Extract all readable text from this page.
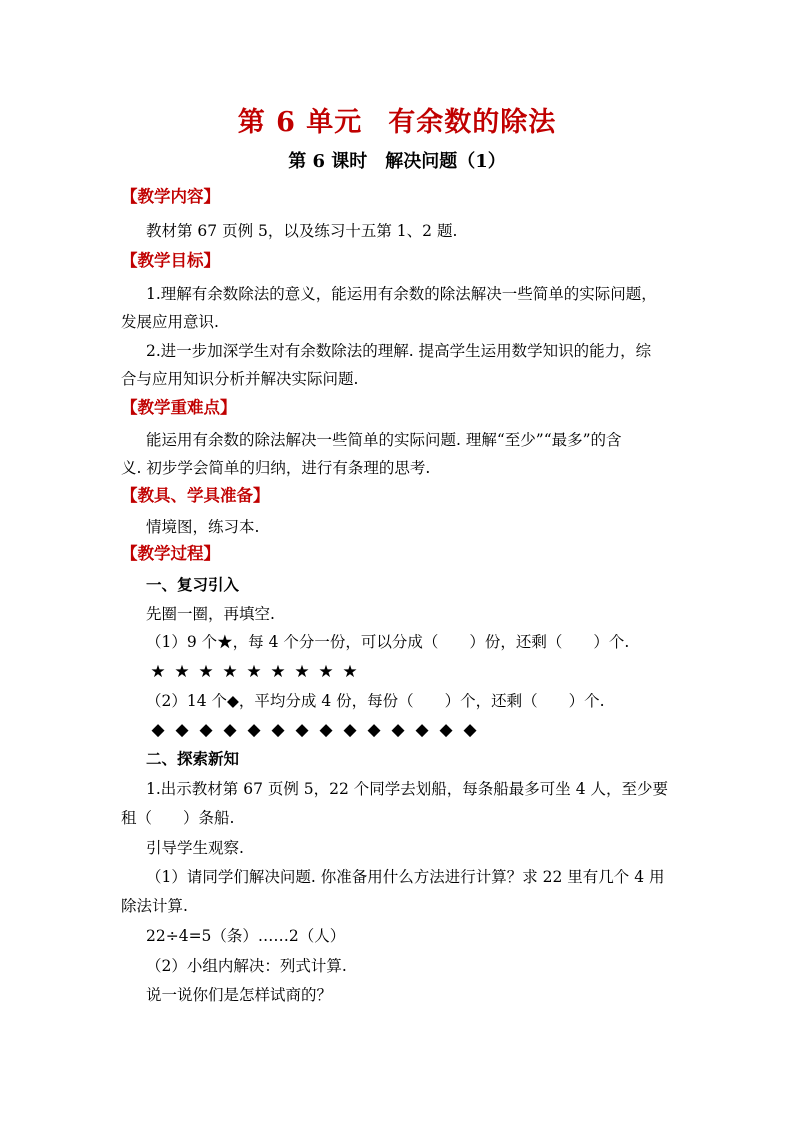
第 6 单元 有余数的除法
第 6 课时 解决问题（1）
【教学内容】
教材第 67 页例 5，以及练习十五第 1、2 题.
【教学目标】
1.理解有余数除法的意义，能运用有余数的除法解决一些简单的实际问题，
发展应用意识.
2.进一步加深学生对有余数除法的理解. 提高学生运用数学知识的能力，综
合与应用知识分析并解决实际问题.
【教学重难点】
能运用有余数的除法解决一些简单的实际问题. 理解“至少”“最多”的含
义. 初步学会简单的归纳，进行有条理的思考.
【教具、学具准备】
情境图，练习本.
【教学过程】
一、复习引入
先圈一圈，再填空.
（1）9 个★，每 4 个分一份，可以分成（　　）份，还剩（　　）个.
★ ★ ★ ★ ★ ★ ★ ★ ★
（2）14 个◆，平均分成 4 份，每份（　　）个，还剩（　　）个.
◆ ◆ ◆ ◆ ◆ ◆ ◆ ◆ ◆ ◆ ◆ ◆ ◆ ◆
二、探索新知
1.出示教材第 67 页例 5，22 个同学去划船，每条船最多可坐 4 人，至少要
租（　　）条船.
引导学生观察.
（1）请同学们解决问题. 你准备用什么方法进行计算？求 22 里有几个 4 用
除法计算.
22÷4=5（条）……2（人）
（2）小组内解决：列式计算.
说一说你们是怎样试商的？
